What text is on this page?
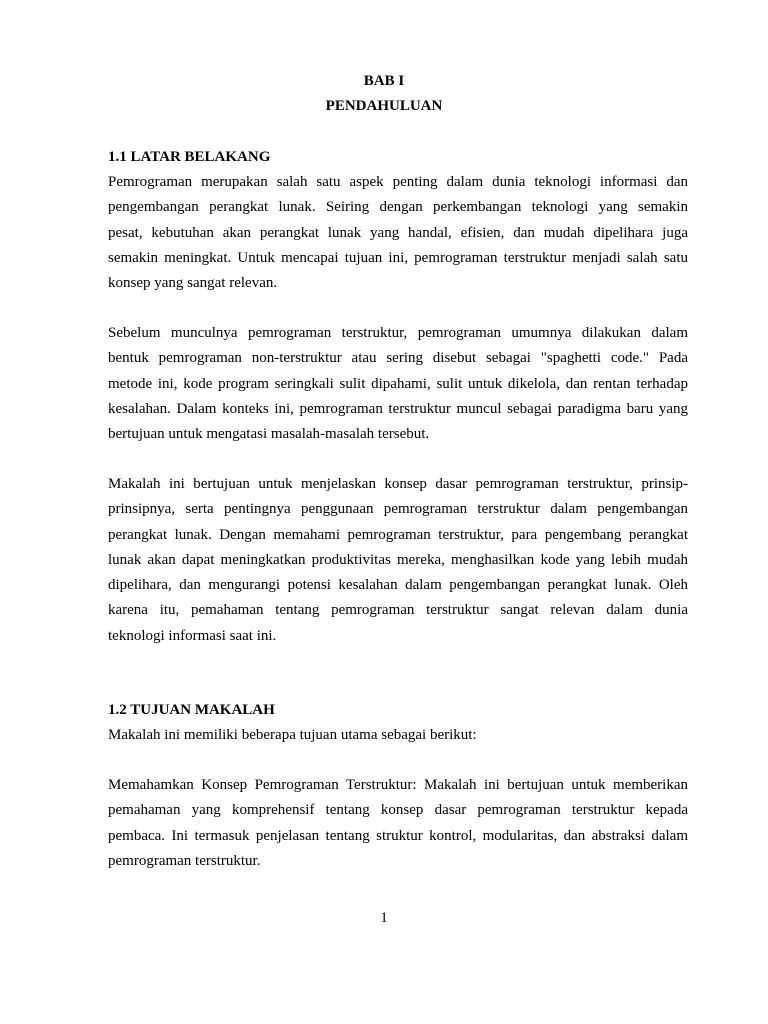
BAB I
PENDAHULUAN
1.1 LATAR BELAKANG

Pemrograman merupakan salah satu aspek penting dalam dunia teknologi informasi dan
pengembangan perangkat lunak. Seiring dengan perkembangan teknologi yang semakin
pesat, kebutuhan akan perangkat lunak yang handal, efisien, dan mudah dipelihara juga
semakin meningkat. Untuk mencapai tujuan ini, pemrograman terstruktur menjadi salah satu
konsep yang sangat relevan.

Sebelum munculnya pemrograman terstruktur, pemrograman umumnya dilakukan dalam
bentuk pemrograman non-terstruktur atau sering disebut sebagai "spaghetti code." Pada
metode ini, kode program seringkali sulit dipahami, sulit untuk dikelola, dan rentan terhadap
kesalahan. Dalam konteks ini, pemrograman terstruktur muncul sebagai paradigma baru yang
bertujuan untuk mengatasi masalah-masalah tersebut.

Makalah ini bertujuan untuk menjelaskan konsep dasar pemrograman terstruktur, prinsip-
prinsipnya, serta pentingnya penggunaan pemrograman terstruktur dalam pengembangan
perangkat lunak. Dengan memahami pemrograman terstruktur, para pengembang perangkat
lunak akan dapat meningkatkan produktivitas mereka, menghasilkan kode yang lebih mudah
dipelihara, dan mengurangi potensi kesalahan dalam pengembangan perangkat lunak. Oleh
karena itu, pemahaman tentang pemrograman terstruktur sangat relevan dalam dunia
teknologi informasi saat ini.

1.2 TUJUAN MAKALAH

Makalah ini memiliki beberapa tujuan utama sebagai berikut:

Memahamkan Konsep Pemrograman Terstruktur: Makalah ini bertujuan untuk memberikan
pemahaman yang komprehensif tentang konsep dasar pemrograman terstruktur kepada
pembaca. Ini termasuk penjelasan tentang struktur kontrol, modularitas, dan abstraksi dalam
pemrograman terstruktur.

1
